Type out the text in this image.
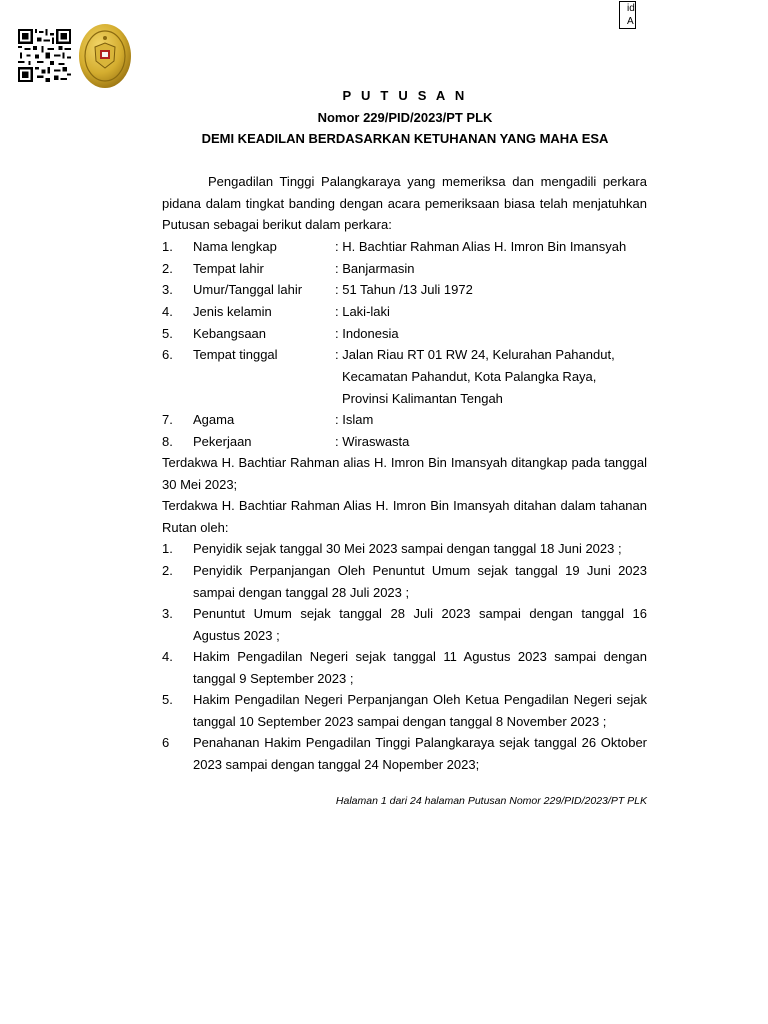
id
A
P U T U S A N
Nomor 229/PID/2023/PT PLK
DEMI KEADILAN BERDASARKAN KETUHANAN YANG MAHA ESA
Pengadilan Tinggi Palangkaraya yang memeriksa dan mengadili perkara pidana dalam tingkat banding dengan acara pemeriksaan biasa telah menjatuhkan Putusan sebagai berikut dalam perkara:
1. Nama lengkap	: H. Bachtiar Rahman Alias H. Imron Bin Imansyah
2. Tempat lahir	: Banjarmasin
3. Umur/Tanggal lahir	: 51 Tahun /13 Juli 1972
4. Jenis kelamin	: Laki-laki
5. Kebangsaan	: Indonesia
6. Tempat tinggal	: Jalan Riau RT 01 RW 24, Kelurahan Pahandut,
Kecamatan Pahandut, Kota Palangka Raya,
Provinsi Kalimantan Tengah
7. Agama	: Islam
8. Pekerjaan	: Wiraswasta
Terdakwa H. Bachtiar Rahman alias H. Imron Bin Imansyah ditangkap pada tanggal 30 Mei 2023;
Terdakwa H. Bachtiar Rahman Alias H. Imron Bin Imansyah ditahan dalam tahanan Rutan oleh:
1. Penyidik sejak tanggal 30 Mei 2023 sampai dengan tanggal 18 Juni 2023 ;
2. Penyidik Perpanjangan Oleh Penuntut Umum sejak tanggal 19 Juni 2023 sampai dengan tanggal 28 Juli 2023 ;
3. Penuntut Umum sejak tanggal 28 Juli 2023 sampai dengan tanggal 16 Agustus 2023 ;
4. Hakim Pengadilan Negeri sejak tanggal 11 Agustus 2023 sampai dengan tanggal 9 September 2023 ;
5. Hakim Pengadilan Negeri Perpanjangan Oleh Ketua Pengadilan Negeri sejak tanggal 10 September 2023 sampai dengan tanggal 8 November 2023 ;
6 Penahanan Hakim Pengadilan Tinggi Palangkaraya sejak tanggal 26 Oktober 2023 sampai dengan tanggal 24 Nopember 2023;
Halaman 1 dari 24 halaman Putusan Nomor 229/PID/2023/PT PLK
